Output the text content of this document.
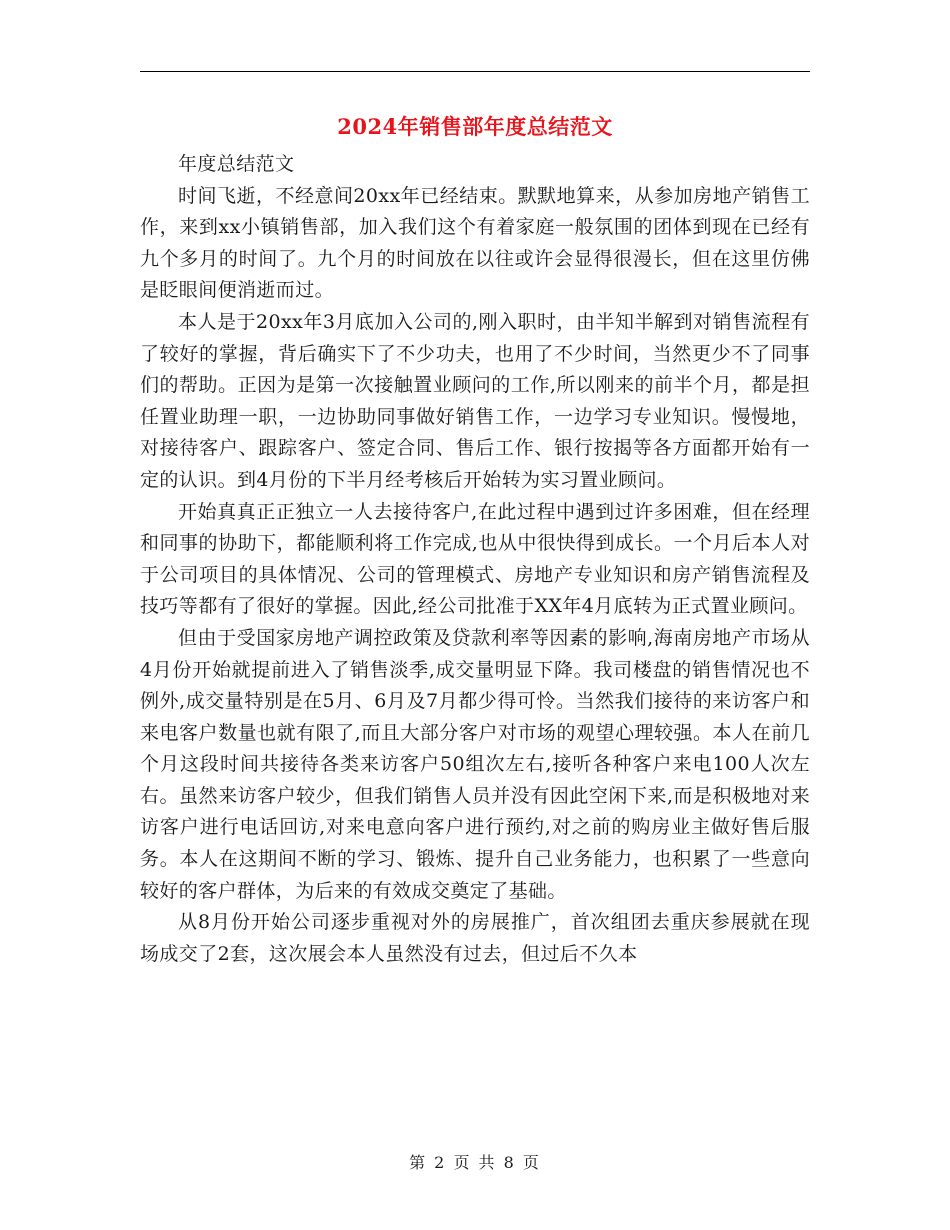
2024年销售部年度总结范文

年度总结范文

时间飞逝，不经意间20xx年已经结束。默默地算来，从参加房地产销售工作，来到xx小镇销售部，加入我们这个有着家庭一般氛围的团体到现在已经有九个多月的时间了。九个月的时间放在以往或许会显得很漫长，但在这里仿佛是眨眼间便消逝而过。

本人是于20xx年3月底加入公司的,刚入职时，由半知半解到对销售流程有了较好的掌握，背后确实下了不少功夫，也用了不少时间，当然更少不了同事们的帮助。正因为是第一次接触置业顾问的工作,所以刚来的前半个月，都是担任置业助理一职，一边协助同事做好销售工作，一边学习专业知识。慢慢地，对接待客户、跟踪客户、签定合同、售后工作、银行按揭等各方面都开始有一定的认识。到4月份的下半月经考核后开始转为实习置业顾问。

开始真真正正独立一人去接待客户,在此过程中遇到过许多困难，但在经理和同事的协助下，都能顺利将工作完成,也从中很快得到成长。一个月后本人对于公司项目的具体情况、公司的管理模式、房地产专业知识和房产销售流程及技巧等都有了很好的掌握。因此,经公司批准于XX年4月底转为正式置业顾问。

但由于受国家房地产调控政策及贷款利率等因素的影响,海南房地产市场从4月份开始就提前进入了销售淡季,成交量明显下降。我司楼盘的销售情况也不例外,成交量特别是在5月、6月及7月都少得可怜。当然我们接待的来访客户和来电客户数量也就有限了,而且大部分客户对市场的观望心理较强。本人在前几个月这段时间共接待各类来访客户50组次左右,接听各种客户来电100人次左右。虽然来访客户较少，但我们销售人员并没有因此空闲下来,而是积极地对来访客户进行电话回访,对来电意向客户进行预约,对之前的购房业主做好售后服务。本人在这期间不断的学习、锻炼、提升自己业务能力，也积累了一些意向较好的客户群体，为后来的有效成交奠定了基础。

从8月份开始公司逐步重视对外的房展推广，首次组团去重庆参展就在现场成交了2套，这次展会本人虽然没有过去，但过后不久本

第 2 页 共 8 页
